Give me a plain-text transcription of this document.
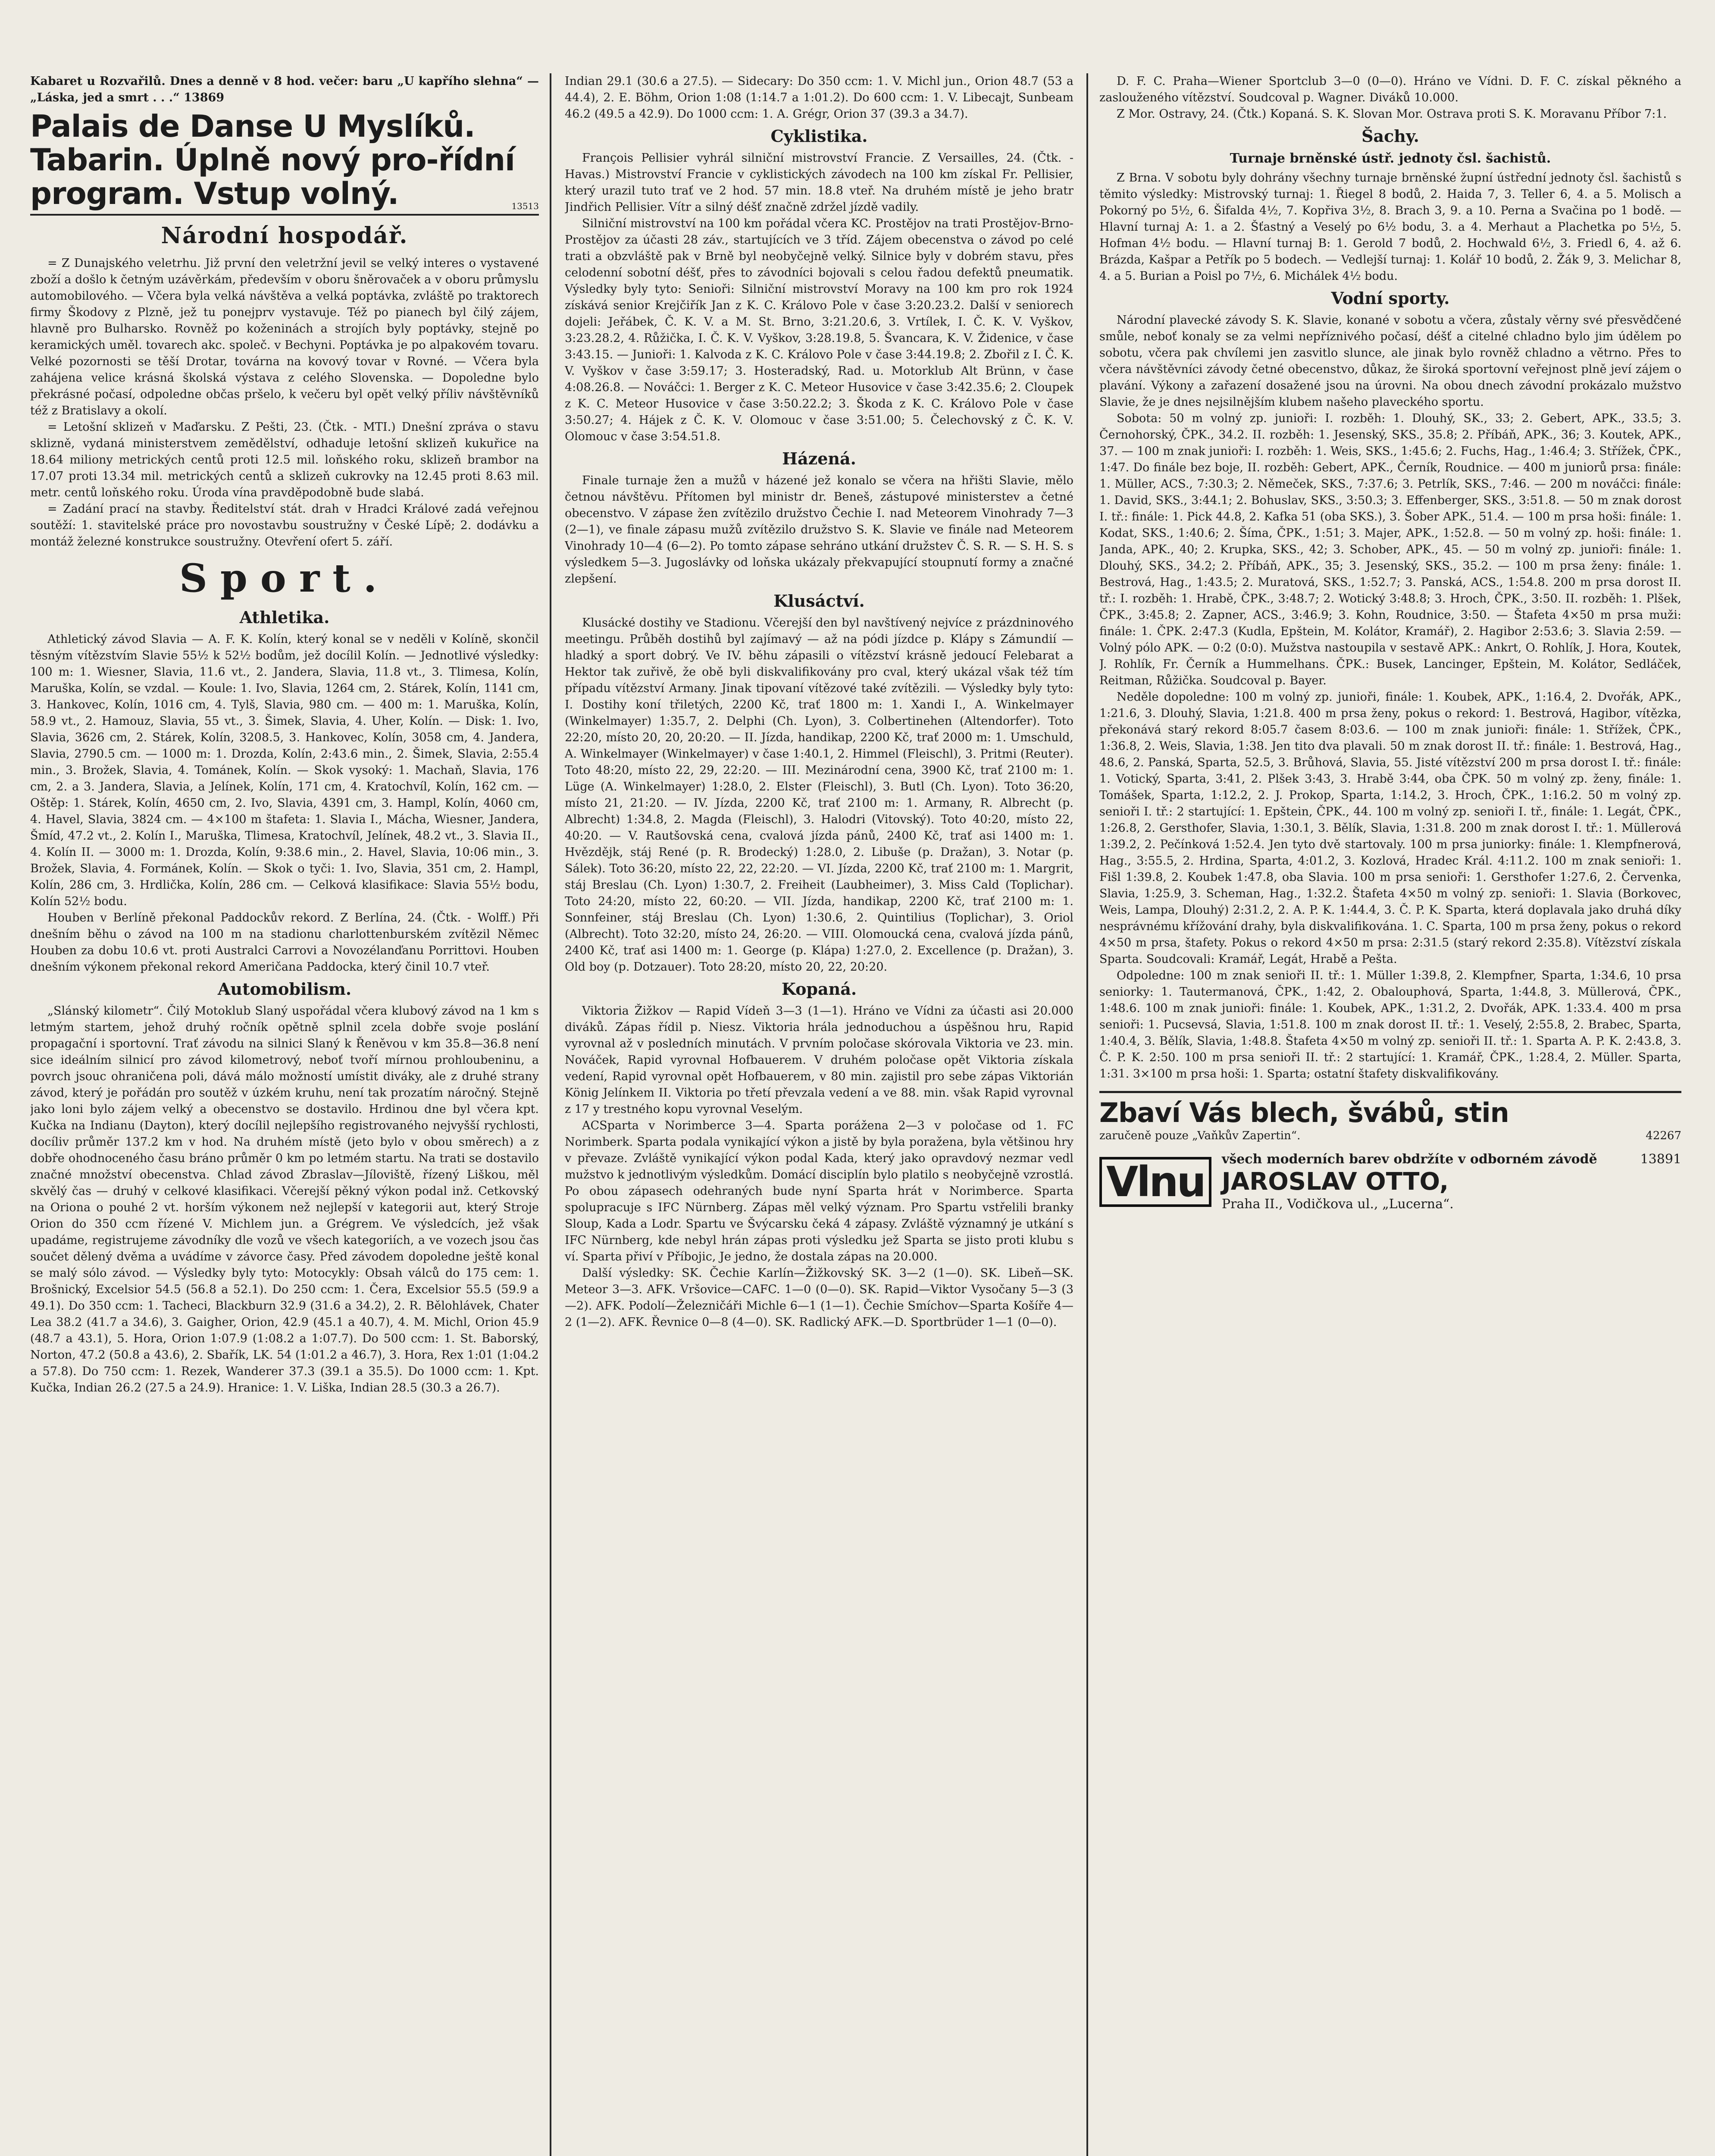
Kabaret u Rozvařilů. Dnes a denně v 8 hod. večer: baru „U kapřího slehna“ — „Láska, jed a smrt . . .“ 13869

Palais de Danse U Myslíků. Tabarin. Úplně nový pro-řídní program. Vstup volný.	13513
Národní hospodář.

= Z Dunajského veletrhu. Již první den veletržní jevil se velký interes o vystavené zboží a došlo k četným uzávěrkám, především v oboru šněrovaček a v oboru průmyslu automobilového. — Včera byla velká návštěva a velká poptávka, zvláště po traktorech firmy Škodovy z Plzně, jež tu ponejprv vystavuje. Též po pianech byl čilý zájem, hlavně pro Bulharsko. Rovněž po koženinách a strojích byly poptávky, stejně po keramických uměl. tovarech akc. společ. v Bechyni. Poptávka je po alpakovém tovaru. Velké pozornosti se těší Drotar, továrna na kovový tovar v Rovné. — Včera byla zahájena velice krásná školská výstava z celého Slovenska. — Dopoledne bylo překrásné počasí, odpoledne občas pršelo, k večeru byl opět velký příliv návštěvníků též z Bratislavy a okolí.

= Letošní sklizeň v Maďarsku. Z Pešti, 23. (Čtk. - MTI.) Dnešní zpráva o stavu sklizně, vydaná ministerstvem zemědělství, odhaduje letošní sklizeň kukuřice na 18.64 miliony metrických centů proti 12.5 mil. loňského roku, sklizeň brambor na 17.07 proti 13.34 mil. metrických centů a sklizeň cukrovky na 12.45 proti 8.63 mil. metr. centů loňského roku. Úroda vína pravděpodobně bude slabá.

= Zadání prací na stavby. Ředitelství stát. drah v Hradci Králové zadá veřejnou soutěží: 1. stavitelské práce pro novostavbu soustružny v České Lípě; 2. dodávku a montáž železné konstrukce soustružny. Otevření ofert 5. září.

Sport.
Athletika.

Athletický závod Slavia — A. F. K. Kolín, který konal se v neděli v Kolíně, skončil těsným vítězstvím Slavie 55½ k 52½ bodům, jež docílil Kolín. — Jednotlivé výsledky: 100 m: 1. Wiesner, Slavia, 11.6 vt., 2. Jandera, Slavia, 11.8 vt., 3. Tlimesa, Kolín, Maruška, Kolín, se vzdal. — Koule: 1. Ivo, Slavia, 1264 cm, 2. Stárek, Kolín, 1141 cm, 3. Hankovec, Kolín, 1016 cm, 4. Tylš, Slavia, 980 cm. — 400 m: 1. Maruška, Kolín, 58.9 vt., 2. Hamouz, Slavia, 55 vt., 3. Šimek, Slavia, 4. Uher, Kolín. — Disk: 1. Ivo, Slavia, 3626 cm, 2. Stárek, Kolín, 3208.5, 3. Hankovec, Kolín, 3058 cm, 4. Jandera, Slavia, 2790.5 cm. — 1000 m: 1. Drozda, Kolín, 2:43.6 min., 2. Šimek, Slavia, 2:55.4 min., 3. Brožek, Slavia, 4. Tománek, Kolín. — Skok vysoký: 1. Machaň, Slavia, 176 cm, 2. a 3. Jandera, Slavia, a Jelínek, Kolín, 171 cm, 4. Kratochvíl, Kolín, 162 cm. — Oštěp: 1. Stárek, Kolín, 4650 cm, 2. Ivo, Slavia, 4391 cm, 3. Hampl, Kolín, 4060 cm, 4. Havel, Slavia, 3824 cm. — 4×100 m štafeta: 1. Slavia I., Mácha, Wiesner, Jandera, Šmíd, 47.2 vt., 2. Kolín I., Maruška, Tlimesa, Kratochvíl, Jelínek, 48.2 vt., 3. Slavia II., 4. Kolín II. — 3000 m: 1. Drozda, Kolín, 9:38.6 min., 2. Havel, Slavia, 10:06 min., 3. Brožek, Slavia, 4. Formánek, Kolín. — Skok o tyči: 1. Ivo, Slavia, 351 cm, 2. Hampl, Kolín, 286 cm, 3. Hrdlička, Kolín, 286 cm. — Celková klasifikace: Slavia 55½ bodu, Kolín 52½ bodu.

Houben v Berlíně překonal Paddockův rekord. Z Berlína, 24. (Čtk. - Wolff.) Při dnešním běhu o závod na 100 m na stadionu charlottenburském zvítězil Němec Houben za dobu 10.6 vt. proti Australci Carrovi a Novozélanďanu Porrittovi. Houben dnešním výkonem překonal rekord Američana Paddocka, který činil 10.7 vteř.

Automobilism.

„Slánský kilometr“. Čilý Motoklub Slaný uspořádal včera klubový závod na 1 km s letmým startem, jehož druhý ročník opětně splnil zcela dobře svoje poslání propagační i sportovní. Trať závodu na silnici Slaný k Řeněvou v km 35.8—36.8 není sice ideálním silnicí pro závod kilometrový, neboť tvoří mírnou prohloubeninu, a povrch jsouc ohraničena poli, dává málo možností umístit diváky, ale z druhé strany závod, který je pořádán pro soutěž v úzkém kruhu, není tak prozatím náročný. Stejně jako loni bylo zájem velký a obecenstvo se dostavilo. Hrdinou dne byl včera kpt. Kučka na Indianu (Dayton), který docílil nejlepšího registrovaného nejvyšší rychlosti, docíliv průměr 137.2 km v hod. Na druhém místě (jeto bylo v obou směrech) a z dobře ohodnoceného času bráno průměr 0 km po letmém startu. Na trati se dostavilo značné množství obecenstva. Chlad závod Zbraslav—Jíloviště, řízený Liškou, měl skvělý čas — druhý v celkové klasifikaci. Včerejší pěkný výkon podal inž. Cetkovský na Oriona o pouhé 2 vt. horším výkonem než nejlepší v kategorii aut, který Stroje Orion do 350 ccm řízené V. Michlem jun. a Grégrem. Ve výsledcích, jež však upadáme, registrujeme závodníky dle vozů ve všech kategoriích, a ve vozech jsou čas součet dělený dvěma a uvádíme v závorce časy. Před závodem dopoledne ještě konal se malý sólo závod. — Výsledky byly tyto: Motocykly: Obsah válců do 175 cem: 1. Brošnický, Excelsior 54.5 (56.8 a 52.1). Do 250 ccm: 1. Čera, Excelsior 55.5 (59.9 a 49.1). Do 350 ccm: 1. Tacheci, Blackburn 32.9 (31.6 a 34.2), 2. R. Bělohlávek, Chater Lea 38.2 (41.7 a 34.6), 3. Gaigher, Orion, 42.9 (45.1 a 40.7), 4. M. Michl, Orion 45.9 (48.7 a 43.1), 5. Hora, Orion 1:07.9 (1:08.2 a 1:07.7). Do 500 ccm: 1. St. Baborský, Norton, 47.2 (50.8 a 43.6), 2. Sbařík, LK. 54 (1:01.2 a 46.7), 3. Hora, Rex 1:01 (1:04.2 a 57.8). Do 750 ccm: 1. Rezek, Wanderer 37.3 (39.1 a 35.5). Do 1000 ccm: 1. Kpt. Kučka, Indian 26.2 (27.5 a 24.9). Hranice: 1. V. Liška, Indian 28.5 (30.3 a 26.7).

Indian 29.1 (30.6 a 27.5). — Sidecary: Do 350 ccm: 1. V. Michl jun., Orion 48.7 (53 a 44.4), 2. E. Böhm, Orion 1:08 (1:14.7 a 1:01.2). Do 600 ccm: 1. V. Libecajt, Sunbeam 46.2 (49.5 a 42.9). Do 1000 ccm: 1. A. Grégr, Orion 37 (39.3 a 34.7).

Cyklistika.

François Pellisier vyhrál silniční mistrovství Francie. Z Versailles, 24. (Čtk. - Havas.) Mistrovství Francie v cyklistických závodech na 100 km získal Fr. Pellisier, který urazil tuto trať ve 2 hod. 57 min. 18.8 vteř. Na druhém místě je jeho bratr Jindřich Pellisier. Vítr a silný déšť značně zdržel jízdě vadily.

Silniční mistrovství na 100 km pořádal včera KC. Prostějov na trati Prostějov-Brno-Prostějov za účasti 28 záv., startujících ve 3 tříd. Zájem obecenstva o závod po celé trati a obzvláště pak v Brně byl neobyčejně velký. Silnice byly v dobrém stavu, přes celodenní sobotní déšť, přes to závodníci bojovali s celou řadou defektů pneumatik. Výsledky byly tyto: Senioři: Silniční mistrovství Moravy na 100 km pro rok 1924 získává senior Krejčiřík Jan z K. C. Královo Pole v čase 3:20.23.2. Další v seniorech dojeli: Jeřábek, Č. K. V. a M. St. Brno, 3:21.20.6, 3. Vrtílek, I. Č. K. V. Vyškov, 3:23.28.2, 4. Růžička, I. Č. K. V. Vyškov, 3:28.19.8, 5. Švancara, K. V. Židenice, v čase 3:43.15. — Junioři: 1. Kalvoda z K. C. Královo Pole v čase 3:44.19.8; 2. Zbořil z I. Č. K. V. Vyškov v čase 3:59.17; 3. Hosteradský, Rad. u. Motorklub Alt Brünn, v čase 4:08.26.8. — Nováčci: 1. Berger z K. C. Meteor Husovice v čase 3:42.35.6; 2. Cloupek z K. C. Meteor Husovice v čase 3:50.22.2; 3. Škoda z K. C. Královo Pole v čase 3:50.27; 4. Hájek z Č. K. V. Olomouc v čase 3:51.00; 5. Čelechovský z Č. K. V. Olomouc v čase 3:54.51.8.

Házená.

Finale turnaje žen a mužů v házené jež konalo se včera na hřišti Slavie, mělo četnou návštěvu. Přítomen byl ministr dr. Beneš, zástupové ministerstev a četné obecenstvo. V zápase žen zvítězilo družstvo Čechie I. nad Meteorem Vinohrady 7—3 (2—1), ve finale zápasu mužů zvítězilo družstvo S. K. Slavie ve finále nad Meteorem Vinohrady 10—4 (6—2). Po tomto zápase sehráno utkání družstev Č. S. R. — S. H. S. s výsledkem 5—3. Jugoslávky od loňska ukázaly překvapující stoupnutí formy a značné zlepšení.

Klusáctví.

Klusácké dostihy ve Stadionu. Včerejší den byl navštívený nejvíce z prázdninového meetingu. Průběh dostihů byl zajímavý — až na pódi jízdce p. Klápy s Zámundií — hladký a sport dobrý. Ve IV. běhu zápasili o vítězství krásně jedoucí Felebarat a Hektor tak zuřivě, že obě byli diskvalifikovány pro cval, který ukázal však též tím případu vítězství Armany. Jinak tipovaní vítězové také zvítězili. — Výsledky byly tyto: I. Dostihy koní třiletých, 2200 Kč, trať 1800 m: 1. Xandi I., A. Winkelmayer (Winkelmayer) 1:35.7, 2. Delphi (Ch. Lyon), 3. Colbertinehen (Altendorfer). Toto 22:20, místo 20, 20, 20:20. — II. Jízda, handikap, 2200 Kč, trať 2000 m: 1. Umschuld, A. Winkelmayer (Winkelmayer) v čase 1:40.1, 2. Himmel (Fleischl), 3. Pritmi (Reuter). Toto 48:20, místo 22, 29, 22:20. — III. Mezinárodní cena, 3900 Kč, trať 2100 m: 1. Lüge (A. Winkelmayer) 1:28.0, 2. Elster (Fleischl), 3. Butl (Ch. Lyon). Toto 36:20, místo 21, 21:20. — IV. Jízda, 2200 Kč, trať 2100 m: 1. Armany, R. Albrecht (p. Albrecht) 1:34.8, 2. Magda (Fleischl), 3. Halodri (Vitovský). Toto 40:20, místo 22, 40:20. — V. Rautšovská cena, cvalová jízda pánů, 2400 Kč, trať asi 1400 m: 1. Hvězdějk, stáj René (p. R. Brodecký) 1:28.0, 2. Libuše (p. Dražan), 3. Notar (p. Sálek). Toto 36:20, místo 22, 22, 22:20. — VI. Jízda, 2200 Kč, trať 2100 m: 1. Margrit, stáj Breslau (Ch. Lyon) 1:30.7, 2. Freiheit (Laubheimer), 3. Miss Cald (Toplichar). Toto 24:20, místo 22, 60:20. — VII. Jízda, handikap, 2200 Kč, trať 2100 m: 1. Sonnfeiner, stáj Breslau (Ch. Lyon) 1:30.6, 2. Quintilius (Toplichar), 3. Oriol (Albrecht). Toto 32:20, místo 24, 26:20. — VIII. Olomoucká cena, cvalová jízda pánů, 2400 Kč, trať asi 1400 m: 1. George (p. Klápa) 1:27.0, 2. Excellence (p. Dražan), 3. Old boy (p. Dotzauer). Toto 28:20, místo 20, 22, 20:20.

Kopaná.

Viktoria Žižkov — Rapid Vídeň 3—3 (1—1). Hráno ve Vídni za účasti asi 20.000 diváků. Zápas řídil p. Niesz. Viktoria hrála jednoduchou a úspěšnou hru, Rapid vyrovnal až v posledních minutách. V prvním poločase skórovala Viktoria ve 23. min. Nováček, Rapid vyrovnal Hofbauerem. V druhém poločase opět Viktoria získala vedení, Rapid vyrovnal opět Hofbauerem, v 80 min. zajistil pro sebe zápas Viktorián König Jelínkem II. Viktoria po třetí převzala vedení a ve 88. min. však Rapid vyrovnal z 17 y trestného kopu vyrovnal Veselým.

ACSparta v Norimberce 3—4. Sparta porážena 2—3 v poločase od 1. FC Norimberk. Sparta podala vynikající výkon a jistě by byla poražena, byla většinou hry v převaze. Zvláště vynikající výkon podal Kada, který jako opravdový nezmar vedl mužstvo k jednotlivým výsledkům. Domácí disciplín bylo platilo s neobyčejně vzrostlá. Po obou zápasech odehraných bude nyní Sparta hrát v Norimberce. Sparta spolupracuje s IFC Nürnberg. Zápas měl velký význam. Pro Spartu vstřelili branky Sloup, Kada a Lodr. Spartu ve Švýcarsku čeká 4 zápasy. Zvláště významný je utkání s IFC Nürnberg, kde nebyl hrán zápas proti výsledku jež Sparta se jisto proti klubu s ví. Sparta přiví v Příbojic, Je jedno, že dostala zápas na 20.000.

Další výsledky: SK. Čechie Karlín—Žižkovský SK. 3—2 (1—0). SK. Libeň—SK. Meteor 3—3. AFK. Vršovice—CAFC. 1—0 (0—0). SK. Rapid—Viktor Vysočany 5—3 (3—2). AFK. Podolí—Železničáři Michle 6—1 (1—1). Čechie Smíchov—Sparta Košíře 4—2 (1—2). AFK. Řevnice 0—8 (4—0). SK. Radlický AFK.—D. Sportbrüder 1—1 (0—0).

D. F. C. Praha—Wiener Sportclub 3—0 (0—0). Hráno ve Vídni. D. F. C. získal pěkného a zaslouženého vítězství. Soudcoval p. Wagner. Diváků 10.000.

Z Mor. Ostravy, 24. (Čtk.) Kopaná. S. K. Slovan Mor. Ostrava proti S. K. Moravanu Příbor 7:1.

Šachy.
Turnaje brněnské ústř. jednoty čsl. šachistů.

Z Brna. V sobotu byly dohrány všechny turnaje brněnské župní ústřední jednoty čsl. šachistů s těmito výsledky: Mistrovský turnaj: 1. Řiegel 8 bodů, 2. Haida 7, 3. Teller 6, 4. a 5. Molisch a Pokorný po 5½, 6. Šifalda 4½, 7. Kopřiva 3½, 8. Brach 3, 9. a 10. Perna a Svačina po 1 bodě. — Hlavní turnaj A: 1. a 2. Šťastný a Veselý po 6½ bodu, 3. a 4. Merhaut a Plachetka po 5½, 5. Hofman 4½ bodu. — Hlavní turnaj B: 1. Gerold 7 bodů, 2. Hochwald 6½, 3. Friedl 6, 4. až 6. Brázda, Kašpar a Petřík po 5 bodech. — Vedlejší turnaj: 1. Kolář 10 bodů, 2. Žák 9, 3. Melichar 8, 4. a 5. Burian a Poisl po 7½, 6. Michálek 4½ bodu.

Vodní sporty.

Národní plavecké závody S. K. Slavie, konané v sobotu a včera, zůstaly věrny své přesvědčené smůle, neboť konaly se za velmi nepříznivého počasí, déšť a citelné chladno bylo jim údělem po sobotu, včera pak chvílemi jen zasvitlo slunce, ale jinak bylo rovněž chladno a větrno. Přes to včera návštěvníci závody četné obecenstvo, důkaz, že široká sportovní veřejnost plně jeví zájem o plavání. Výkony a zařazení dosažené jsou na úrovni. Na obou dnech závodní prokázalo mužstvo Slavie, že je dnes nejsilnějším klubem našeho plaveckého sportu.

Sobota: 50 m volný zp. junioři: I. rozběh: 1. Dlouhý, SK., 33; 2. Gebert, APK., 33.5; 3. Černohorský, ČPK., 34.2. II. rozběh: 1. Jesenský, SKS., 35.8; 2. Příbáň, APK., 36; 3. Koutek, APK., 37. — 100 m znak junioři: I. rozběh: 1. Weis, SKS., 1:45.6; 2. Fuchs, Hag., 1:46.4; 3. Střížek, ČPK., 1:47. Do finále bez boje, II. rozběh: Gebert, APK., Černík, Roudnice. — 400 m juniorů prsa: finále: 1. Müller, ACS., 7:30.3; 2. Němeček, SKS., 7:37.6; 3. Petrlík, SKS., 7:46. — 200 m nováčci: finále: 1. David, SKS., 3:44.1; 2. Bohuslav, SKS., 3:50.3; 3. Effenberger, SKS., 3:51.8. — 50 m znak dorost I. tř.: finále: 1. Pick 44.8, 2. Kafka 51 (oba SKS.), 3. Šober APK., 51.4. — 100 m prsa hoši: finále: 1. Kodat, SKS., 1:40.6; 2. Šíma, ČPK., 1:51; 3. Majer, APK., 1:52.8. — 50 m volný zp. hoši: finále: 1. Janda, APK., 40; 2. Krupka, SKS., 42; 3. Schober, APK., 45. — 50 m volný zp. junioři: finále: 1. Dlouhý, SKS., 34.2; 2. Příbáň, APK., 35; 3. Jesenský, SKS., 35.2. — 100 m prsa ženy: finále: 1. Bestrová, Hag., 1:43.5; 2. Muratová, SKS., 1:52.7; 3. Panská, ACS., 1:54.8. 200 m prsa dorost II. tř.: I. rozběh: 1. Hrabě, ČPK., 3:48.7; 2. Wotický 3:48.8; 3. Hroch, ČPK., 3:50. II. rozběh: 1. Plšek, ČPK., 3:45.8; 2. Zapner, ACS., 3:46.9; 3. Kohn, Roudnice, 3:50. — Štafeta 4×50 m prsa muži: finále: 1. ČPK. 2:47.3 (Kudla, Epštein, M. Kolátor, Kramář), 2. Hagibor 2:53.6; 3. Slavia 2:59. — Volný pólo APK. — 0:2 (0:0). Mužstva nastoupila v sestavě APK.: Ankrt, O. Rohlík, J. Hora, Koutek, J. Rohlík, Fr. Černík a Hummelhans. ČPK.: Busek, Lancinger, Epštein, M. Kolátor, Sedláček, Reitman, Růžička. Soudcoval p. Bayer.

Neděle dopoledne: 100 m volný zp. junioři, finále: 1. Koubek, APK., 1:16.4, 2. Dvořák, APK., 1:21.6, 3. Dlouhý, Slavia, 1:21.8. 400 m prsa ženy, pokus o rekord: 1. Bestrová, Hagibor, vítězka, překonává starý rekord 8:05.7 časem 8:03.6. — 100 m znak junioři: finále: 1. Střížek, ČPK., 1:36.8, 2. Weis, Slavia, 1:38. Jen tito dva plavali. 50 m znak dorost II. tř.: finále: 1. Bestrová, Hag., 48.6, 2. Panská, Sparta, 52.5, 3. Brůhová, Slavia, 55. Jisté vítězství 200 m prsa dorost I. tř.: finále: 1. Votický, Sparta, 3:41, 2. Plšek 3:43, 3. Hrabě 3:44, oba ČPK. 50 m volný zp. ženy, finále: 1. Tomášek, Sparta, 1:12.2, 2. J. Prokop, Sparta, 1:14.2, 3. Hroch, ČPK., 1:16.2. 50 m volný zp. senioři I. tř.: 2 startující: 1. Epštein, ČPK., 44. 100 m volný zp. senioři I. tř., finále: 1. Legát, ČPK., 1:26.8, 2. Gersthofer, Slavia, 1:30.1, 3. Bělík, Slavia, 1:31.8. 200 m znak dorost I. tř.: 1. Müllerová 1:39.2, 2. Pečínková 1:52.4. Jen tyto dvě startovaly. 100 m prsa juniorky: finále: 1. Klempfnerová, Hag., 3:55.5, 2. Hrdina, Sparta, 4:01.2, 3. Kozlová, Hradec Král. 4:11.2. 100 m znak senioři: 1. Fišl 1:39.8, 2. Koubek 1:47.8, oba Slavia. 100 m prsa senioři: 1. Gersthofer 1:27.6, 2. Červenka, Slavia, 1:25.9, 3. Scheman, Hag., 1:32.2. Štafeta 4×50 m volný zp. senioři: 1. Slavia (Borkovec, Weis, Lampa, Dlouhý) 2:31.2, 2. A. P. K. 1:44.4, 3. Č. P. K. Sparta, která doplavala jako druhá díky nesprávnému křížování drahy, byla diskvalifikována. 1. C. Sparta, 100 m prsa ženy, pokus o rekord 4×50 m prsa, štafety. Pokus o rekord 4×50 m prsa: 2:31.5 (starý rekord 2:35.8). Vítězství získala Sparta. Soudcovali: Kramář, Legát, Hrabě a Pešta.

Odpoledne: 100 m znak senioři II. tř.: 1. Müller 1:39.8, 2. Klempfner, Sparta, 1:34.6, 10 prsa seniorky: 1. Tautermanová, ČPK., 1:42, 2. Obalouphová, Sparta, 1:44.8, 3. Müllerová, ČPK., 1:48.6. 100 m znak junioři: finále: 1. Koubek, APK., 1:31.2, 2. Dvořák, APK. 1:33.4. 400 m prsa senioři: 1. Pucsevsá, Slavia, 1:51.8. 100 m znak dorost II. tř.: 1. Veselý, 2:55.8, 2. Brabec, Sparta, 1:40.4, 3. Bělík, Slavia, 1:48.8. Štafeta 4×50 m volný zp. senioři II. tř.: 1. Sparta A. P. K. 2:43.8, 3. Č. P. K. 2:50. 100 m prsa senioři II. tř.: 2 startující: 1. Kramář, ČPK., 1:28.4, 2. Müller. Sparta, 1:31. 3×100 m prsa hoši: 1. Sparta; ostatní štafety diskvalifikovány.

Zbaví Vás blech, švábů, stin
zaručeně pouze „Vaňkův Zapertin“.	42267
Vlnu	všech moderních barev obdržíte v odborném závodě	13891
JAROSLAV OTTO,
Praha II., Vodičkova ul., „Lucerna“.
